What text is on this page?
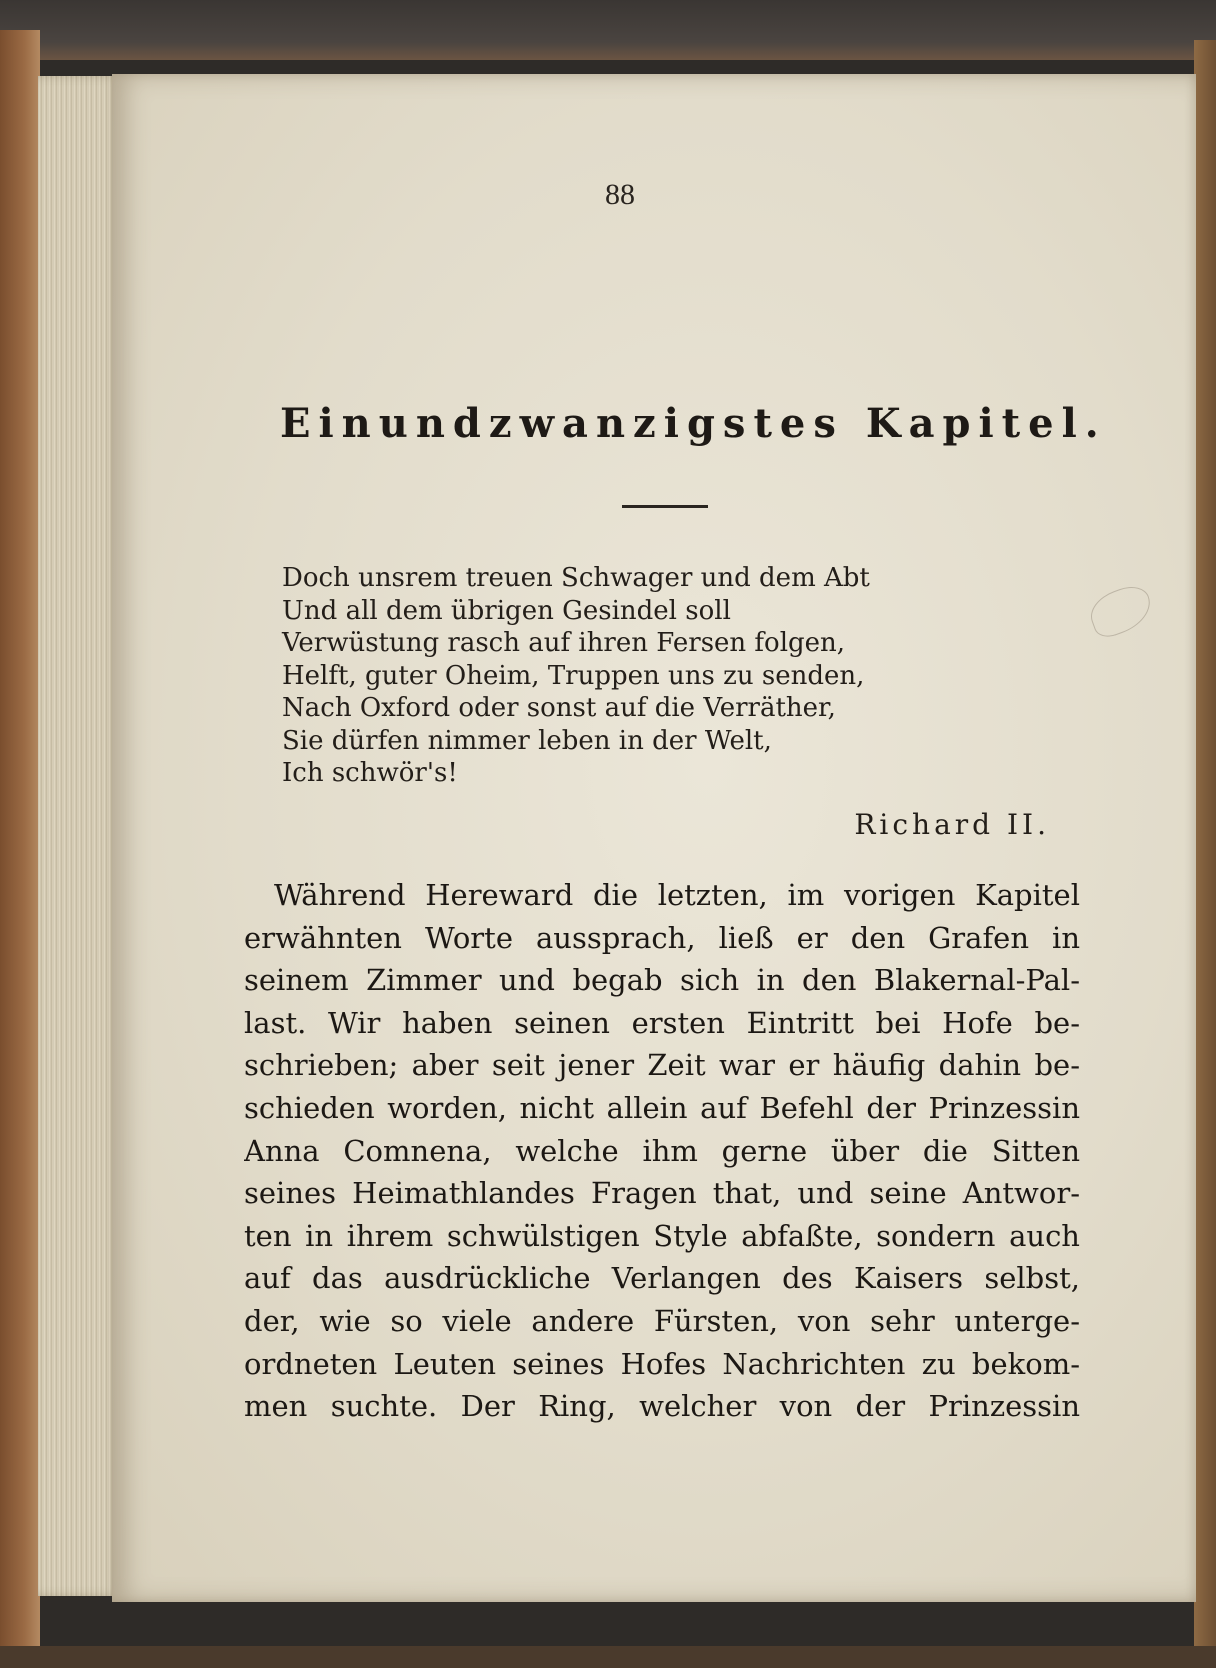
88
Einundzwanzigstes Kapitel.
Doch unsrem treuen Schwager und dem Abt
Und all dem übrigen Gesindel soll
Verwüstung rasch auf ihren Fersen folgen,
Helft, guter Oheim, Truppen uns zu senden,
Nach Oxford oder sonst auf die Verräther,
Sie dürfen nimmer leben in der Welt,
Ich schwör's!
Richard II.
Während Hereward die letzten, im vorigen Kapitel
erwähnten Worte aussprach, ließ er den Grafen in
seinem Zimmer und begab sich in den Blakernal-Pal-
last. Wir haben seinen ersten Eintritt bei Hofe be-
schrieben; aber seit jener Zeit war er häufig dahin be-
schieden worden, nicht allein auf Befehl der Prinzessin
Anna Comnena, welche ihm gerne über die Sitten
seines Heimathlandes Fragen that, und seine Antwor-
ten in ihrem schwülstigen Style abfaßte, sondern auch
auf das ausdrückliche Verlangen des Kaisers selbst,
der, wie so viele andere Fürsten, von sehr unterge-
ordneten Leuten seines Hofes Nachrichten zu bekom-
men suchte. Der Ring, welcher von der Prinzessin
